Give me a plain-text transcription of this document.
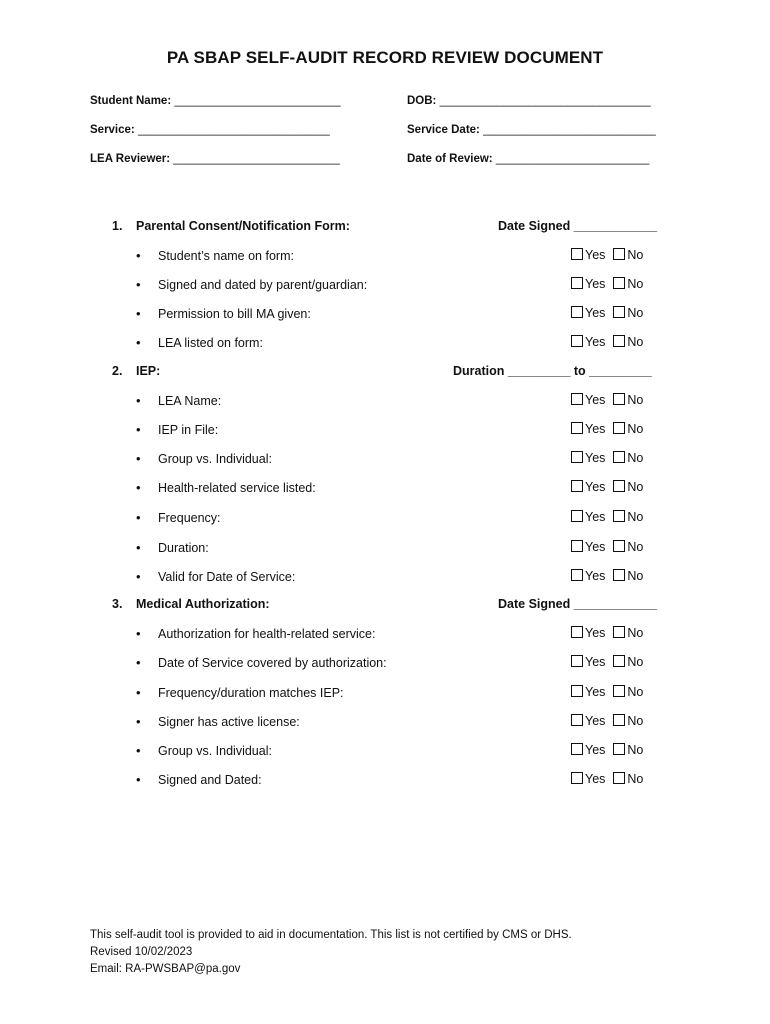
PA SBAP SELF-AUDIT RECORD REVIEW DOCUMENT
Student Name: __________________________	DOB: _________________________________
Service: ______________________________	Service Date: ___________________________
LEA Reviewer: __________________________	Date of Review: ________________________
1. Parental Consent/Notification Form:	Date Signed ____________
• Student’s name on form:	Yes No
• Signed and dated by parent/guardian:	Yes No
• Permission to bill MA given:	Yes No
• LEA listed on form:	Yes No
2. IEP:	Duration _________ to _________
• LEA Name:	Yes No
• IEP in File:	Yes No
• Group vs. Individual:	Yes No
• Health-related service listed:	Yes No
• Frequency:	Yes No
• Duration:	Yes No
• Valid for Date of Service:	Yes No
3. Medical Authorization:	Date Signed ____________
• Authorization for health-related service:	Yes No
• Date of Service covered by authorization:	Yes No
• Frequency/duration matches IEP:	Yes No
• Signer has active license:	Yes No
• Group vs. Individual:	Yes No
• Signed and Dated:	Yes No
This self-audit tool is provided to aid in documentation. This list is not certified by CMS or DHS.
Revised 10/02/2023
Email: RA-PWSBAP@pa.gov
